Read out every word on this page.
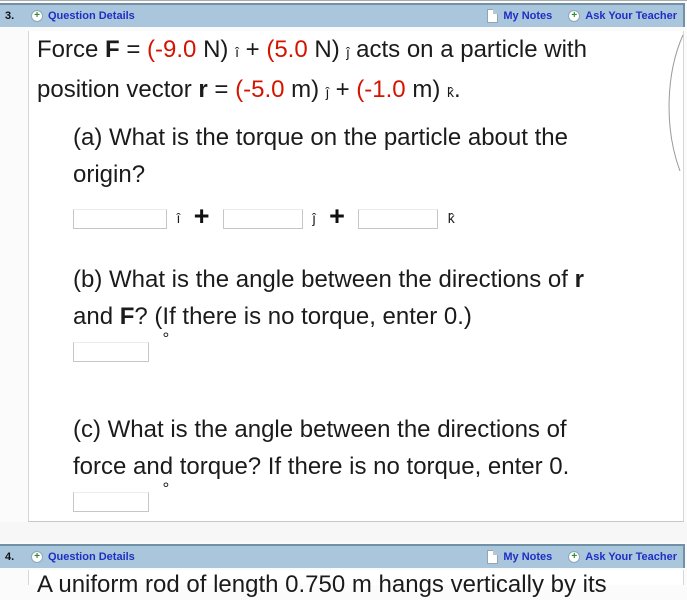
3.	+ Question Details	My Notes	+ Ask Your Teacher

Force F = (-9.0 N) î + (5.0 N) ĵ acts on a particle with
position vector r = (-5.0 m) ĵ + (-1.0 m) k̂.

(a) What is the torque on the particle about the
origin?

î +	ĵ +	k̂

(b) What is the angle between the directions of r
and F? (If there is no torque, enter 0.)

°

(c) What is the angle between the directions of
force and torque? If there is no torque, enter 0.

°
4.	+ Question Details	My Notes	+ Ask Your Teacher

A uniform rod of length 0.750 m hangs vertically by its
